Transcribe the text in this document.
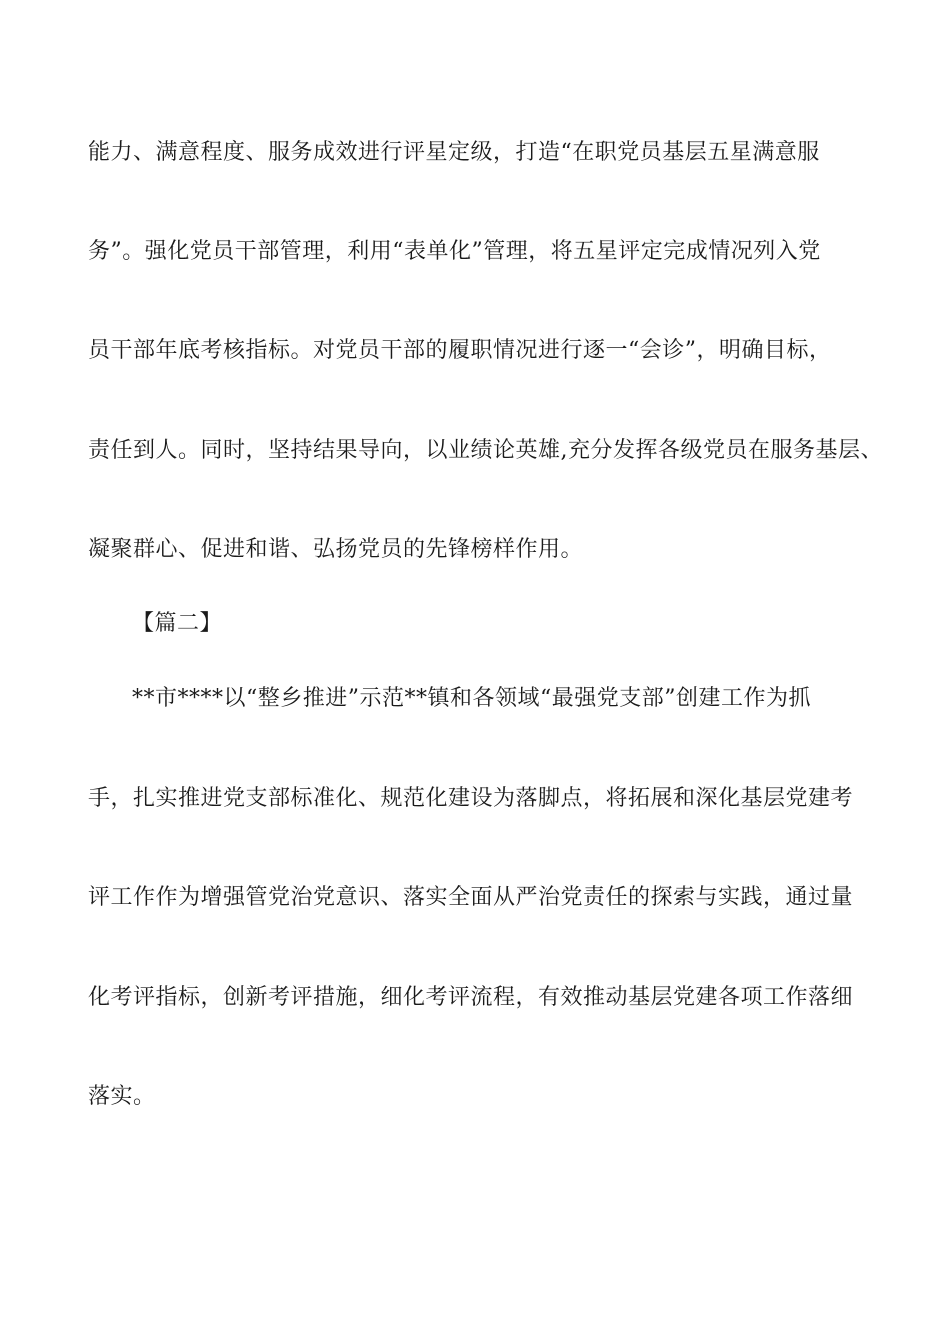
能力、满意程度、服务成效进行评星定级，打造“在职党员基层五星满意服
务”。强化党员干部管理，利用“表单化”管理，将五星评定完成情况列入党
员干部年底考核指标。对党员干部的履职情况进行逐一“会诊”，明确目标，
责任到人。同时，坚持结果导向，以业绩论英雄,充分发挥各级党员在服务基层、
凝聚群心、促进和谐、弘扬党员的先锋榜样作用。
【篇二】
**市****以“整乡推进”示范**镇和各领域“最强党支部”创建工作为抓
手，扎实推进党支部标准化、规范化建设为落脚点，将拓展和深化基层党建考
评工作作为增强管党治党意识、落实全面从严治党责任的探索与实践，通过量
化考评指标，创新考评措施，细化考评流程，有效推动基层党建各项工作落细
落实。
